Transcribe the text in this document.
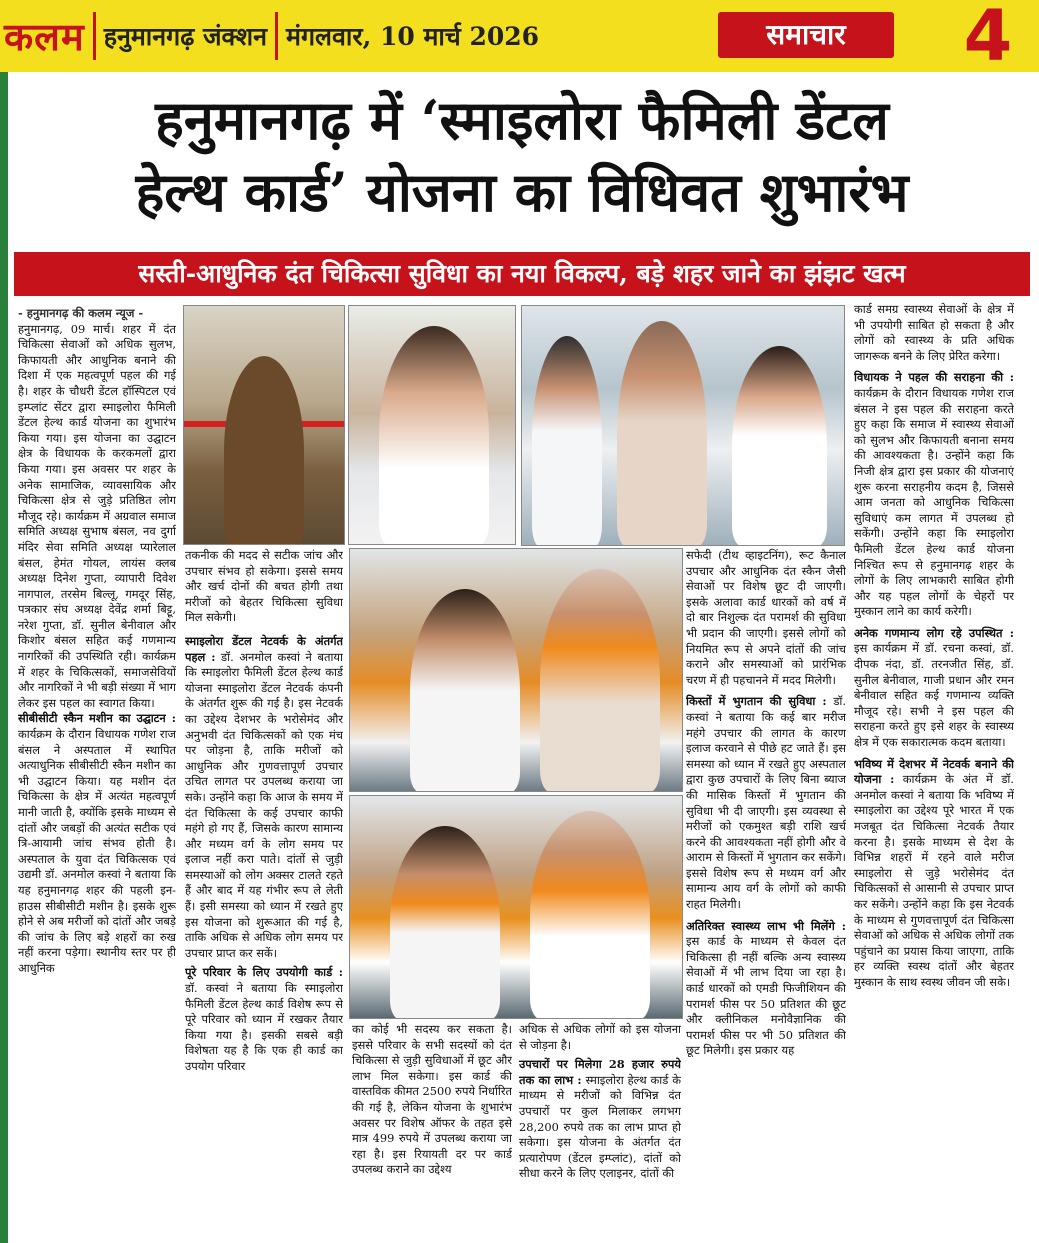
कलम हनुमानगढ़ जंक्शन मंगलवार, 10 मार्च 2026	समाचार	4
हनुमानगढ़ में ‘स्माइलोरा फैमिली डेंटल
हेल्थ कार्ड’ योजना का विधिवत शुभारंभ
सस्ती-आधुनिक दंत चिकित्सा सुविधा का नया विकल्प, बड़े शहर जाने का झंझट खत्म

- हनुमानगढ़ की कलम न्यूज -

हनुमानगढ़, 09 मार्च। शहर में दंत चिकित्सा सेवाओं को अधिक सुलभ, किफायती और आधुनिक बनाने की दिशा में एक महत्वपूर्ण पहल की गई है। शहर के चौधरी डेंटल हॉस्पिटल एवं इम्प्लांट सेंटर द्वारा स्माइलोरा फैमिली डेंटल हेल्थ कार्ड योजना का शुभारंभ किया गया। इस योजना का उद्घाटन क्षेत्र के विधायक के करकमलों द्वारा किया गया। इस अवसर पर शहर के अनेक सामाजिक, व्यावसायिक और चिकित्सा क्षेत्र से जुड़े प्रतिष्ठित लोग मौजूद रहे। कार्यक्रम में अग्रवाल समाज समिति अध्यक्ष सुभाष बंसल, नव दुर्गा मंदिर सेवा समिति अध्यक्ष प्यारेलाल बंसल, हेमंत गोयल, लायंस क्लब अध्यक्ष दिनेश गुप्ता, व्यापारी दिवेश नागपाल, तरसेम बिल्लू, गमदूर सिंह, पत्रकार संघ अध्यक्ष देवेंद्र शर्मा बिट्टू, नरेश गुप्ता, डॉ. सुनील बेनीवाल और किशोर बंसल सहित कई गणमान्य नागरिकों की उपस्थिति रही। कार्यक्रम में शहर के चिकित्सकों, समाजसेवियों और नागरिकों ने भी बड़ी संख्या में भाग लेकर इस पहल का स्वागत किया।

सीबीसीटी स्कैन मशीन का उद्घाटन : कार्यक्रम के दौरान विधायक गणेश राज बंसल ने अस्पताल में स्थापित अत्याधुनिक सीबीसीटी स्कैन मशीन का भी उद्घाटन किया। यह मशीन दंत चिकित्सा के क्षेत्र में अत्यंत महत्वपूर्ण मानी जाती है, क्योंकि इसके माध्यम से दांतों और जबड़ों की अत्यंत सटीक एवं त्रि-आयामी जांच संभव होती है। अस्पताल के युवा दंत चिकित्सक एवं उद्यमी डॉ. अनमोल कस्वां ने बताया कि यह हनुमानगढ़ शहर की पहली इन-हाउस सीबीसीटी मशीन है। इसके शुरू होने से अब मरीजों को दांतों और जबड़े की जांच के लिए बड़े शहरों का रुख नहीं करना पड़ेगा। स्थानीय स्तर पर ही आधुनिक

तकनीक की मदद से सटीक जांच और उपचार संभव हो सकेगा। इससे समय और खर्च दोनों की बचत होगी तथा मरीजों को बेहतर चिकित्सा सुविधा मिल सकेगी।

स्माइलोरा डेंटल नेटवर्क के अंतर्गत पहल : डॉ. अनमोल कस्वां ने बताया कि स्माइलोरा फैमिली डेंटल हेल्थ कार्ड योजना स्माइलोरा डेंटल नेटवर्क कंपनी के अंतर्गत शुरू की गई है। इस नेटवर्क का उद्देश्य देशभर के भरोसेमंद और अनुभवी दंत चिकित्सकों को एक मंच पर जोड़ना है, ताकि मरीजों को आधुनिक और गुणवत्तापूर्ण उपचार उचित लागत पर उपलब्ध कराया जा सके। उन्होंने कहा कि आज के समय में दंत चिकित्सा के कई उपचार काफी महंगे हो गए हैं, जिसके कारण सामान्य और मध्यम वर्ग के लोग समय पर इलाज नहीं करा पाते। दांतों से जुड़ी समस्याओं को लोग अक्सर टालते रहते हैं और बाद में यह गंभीर रूप ले लेती हैं। इसी समस्या को ध्यान में रखते हुए इस योजना को शुरूआत की गई है, ताकि अधिक से अधिक लोग समय पर उपचार प्राप्त कर सकें।

पूरे परिवार के लिए उपयोगी कार्ड : डॉ. कस्वां ने बताया कि स्माइलोरा फैमिली डेंटल हेल्थ कार्ड विशेष रूप से पूरे परिवार को ध्यान में रखकर तैयार किया गया है। इसकी सबसे बड़ी विशेषता यह है कि एक ही कार्ड का उपयोग परिवार

का कोई भी सदस्य कर सकता है। इससे परिवार के सभी सदस्यों को दंत चिकित्सा से जुड़ी सुविधाओं में छूट और लाभ मिल सकेगा। इस कार्ड की वास्तविक कीमत 2500 रुपये निर्धारित की गई है, लेकिन योजना के शुभारंभ अवसर पर विशेष ऑफर के तहत इसे मात्र 499 रुपये में उपलब्ध कराया जा रहा है। इस रियायती दर पर कार्ड उपलब्ध कराने का उद्देश्य

अधिक से अधिक लोगों को इस योजना से जोड़ना है।

उपचारों पर मिलेगा 28 हजार रुपये तक का लाभ : स्माइलोरा हेल्थ कार्ड के माध्यम से मरीजों को विभिन्न दंत उपचारों पर कुल मिलाकर लगभग 28,200 रुपये तक का लाभ प्राप्त हो सकेगा। इस योजना के अंतर्गत दंत प्रत्यारोपण (डेंटल इम्प्लांट), दांतों को सीधा करने के लिए एलाइनर, दांतों की

सफेदी (टीथ व्हाइटनिंग), रूट कैनाल उपचार और आधुनिक दंत स्कैन जैसी सेवाओं पर विशेष छूट दी जाएगी। इसके अलावा कार्ड धारकों को वर्ष में दो बार निशुल्क दंत परामर्श की सुविधा भी प्रदान की जाएगी। इससे लोगों को नियमित रूप से अपने दांतों की जांच कराने और समस्याओं को प्रारंभिक चरण में ही पहचानने में मदद मिलेगी।

किस्तों में भुगतान की सुविधा : डॉ. कस्वां ने बताया कि कई बार मरीज महंगे उपचार की लागत के कारण इलाज करवाने से पीछे हट जाते हैं। इस समस्या को ध्यान में रखते हुए अस्पताल द्वारा कुछ उपचारों के लिए बिना ब्याज की मासिक किस्तों में भुगतान की सुविधा भी दी जाएगी। इस व्यवस्था से मरीजों को एकमुश्त बड़ी राशि खर्च करने की आवश्यकता नहीं होगी और वे आराम से किस्तों में भुगतान कर सकेंगे। इससे विशेष रूप से मध्यम वर्ग और सामान्य आय वर्ग के लोगों को काफी राहत मिलेगी।

अतिरिक्त स्वास्थ्य लाभ भी मिलेंगे : इस कार्ड के माध्यम से केवल दंत चिकित्सा ही नहीं बल्कि अन्य स्वास्थ्य सेवाओं में भी लाभ दिया जा रहा है। कार्ड धारकों को एमडी फिजीशियन की परामर्श फीस पर 50 प्रतिशत की छूट और क्लीनिकल मनोवैज्ञानिक की परामर्श फीस पर भी 50 प्रतिशत की छूट मिलेगी। इस प्रकार यह

कार्ड समग्र स्वास्थ्य सेवाओं के क्षेत्र में भी उपयोगी साबित हो सकता है और लोगों को स्वास्थ्य के प्रति अधिक जागरूक बनने के लिए प्रेरित करेगा।

विधायक ने पहल की सराहना की : कार्यक्रम के दौरान विधायक गणेश राज बंसल ने इस पहल की सराहना करते हुए कहा कि समाज में स्वास्थ्य सेवाओं को सुलभ और किफायती बनाना समय की आवश्यकता है। उन्होंने कहा कि निजी क्षेत्र द्वारा इस प्रकार की योजनाएं शुरू करना सराहनीय कदम है, जिससे आम जनता को आधुनिक चिकित्सा सुविधाएं कम लागत में उपलब्ध हो सकेंगी। उन्होंने कहा कि स्माइलोरा फैमिली डेंटल हेल्थ कार्ड योजना निश्चित रूप से हनुमानगढ़ शहर के लोगों के लिए लाभकारी साबित होगी और यह पहल लोगों के चेहरों पर मुस्कान लाने का कार्य करेगी।

अनेक गणमान्य लोग रहे उपस्थित : इस कार्यक्रम में डॉ. रचना कस्वां, डॉ. दीपक नंदा, डॉ. तरनजीत सिंह, डॉ. सुनील बेनीवाल, गाजी प्रधान और रमन बेनीवाल सहित कई गणमान्य व्यक्ति मौजूद रहे। सभी ने इस पहल की सराहना करते हुए इसे शहर के स्वास्थ्य क्षेत्र में एक सकारात्मक कदम बताया।

भविष्य में देशभर में नेटवर्क बनाने की योजना : कार्यक्रम के अंत में डॉ. अनमोल कस्वां ने बताया कि भविष्य में स्माइलोरा का उद्देश्य पूरे भारत में एक मजबूत दंत चिकित्सा नेटवर्क तैयार करना है। इसके माध्यम से देश के विभिन्न शहरों में रहने वाले मरीज स्माइलोरा से जुड़े भरोसेमंद दंत चिकित्सकों से आसानी से उपचार प्राप्त कर सकेंगे। उन्होंने कहा कि इस नेटवर्क के माध्यम से गुणवत्तापूर्ण दंत चिकित्सा सेवाओं को अधिक से अधिक लोगों तक पहुंचाने का प्रयास किया जाएगा, ताकि हर व्यक्ति स्वस्थ दांतों और बेहतर मुस्कान के साथ स्वस्थ जीवन जी सके।
